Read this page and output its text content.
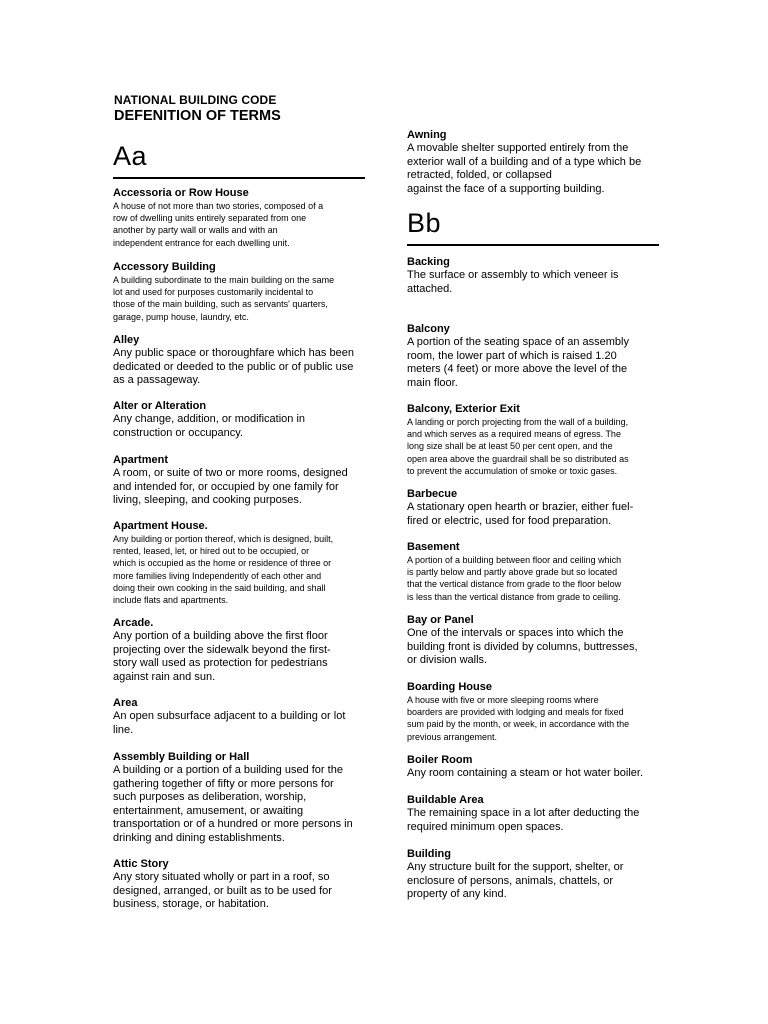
NATIONAL BUILDING CODE
DEFENITION OF TERMS
Aa
Accessoria or Row House
A house of not more than two stories, composed of a
row of dwelling units entirely separated from one
another by party wall or walls and with an
independent entrance for each dwelling unit.
Accessory Building
A building subordinate to the main building on the same
lot and used for purposes customarily incidental to
those of the main building, such as servants' quarters,
garage, pump house, laundry, etc.
Alley
Any public space or thoroughfare which has been
dedicated or deeded to the public or of public use
as a passageway.
Alter or Alteration
Any change, addition, or modification in
construction or occupancy.
Apartment
A room, or suite of two or more rooms, designed
and intended for, or occupied by one family for
living, sleeping, and cooking purposes.
Apartment House.
Any building or portion thereof, which is designed, built,
rented, leased, let, or hired out to be occupied, or
which is occupied as the home or residence of three or
more families living Independently of each other and
doing their own cooking in the said building, and shall
include flats and apartments.
Arcade.
Any portion of a building above the first floor
projecting over the sidewalk beyond the first-
story wall used as protection for pedestrians
against rain and sun.
Area
An open subsurface adjacent to a building or lot
line.
Assembly Building or Hall
A building or a portion of a building used for the
gathering together of fifty or more persons for
such purposes as deliberation, worship,
entertainment, amusement, or awaiting
transportation or of a hundred or more persons in
drinking and dining establishments.
Attic Story
Any story situated wholly or part in a roof, so
designed, arranged, or built as to be used for
business, storage, or habitation.
Awning
A movable shelter supported entirely from the
exterior wall of a building and of a type which be
retracted, folded, or collapsed
against the face of a supporting building.
Bb
Backing
The surface or assembly to which veneer is
attached.
Balcony
A portion of the seating space of an assembly
room, the lower part of which is raised 1.20
meters (4 feet) or more above the level of the
main floor.
Balcony, Exterior Exit
A landing or porch projecting from the wall of a building,
and which serves as a required means of egress. The
long size shall be at least 50 per cent open, and the
open area above the guardrail shall be so distributed as
to prevent the accumulation of smoke or toxic gases.
Barbecue
A stationary open hearth or brazier, either fuel-
fired or electric, used for food preparation.
Basement
A portion of a building between floor and ceiling which
is partly below and partly above grade but so located
that the vertical distance from grade to the floor below
is less than the vertical distance from grade to ceiling.
Bay or Panel
One of the intervals or spaces into which the
building front is divided by columns, buttresses,
or division walls.
Boarding House
A house with five or more sleeping rooms where
boarders are provided with lodging and meals for fixed
sum paid by the month, or week, in accordance with the
previous arrangement.
Boiler Room
Any room containing a steam or hot water boiler.
Buildable Area
The remaining space in a lot after deducting the
required minimum open spaces.
Building
Any structure built for the support, shelter, or
enclosure of persons, animals, chattels, or
property of any kind.
